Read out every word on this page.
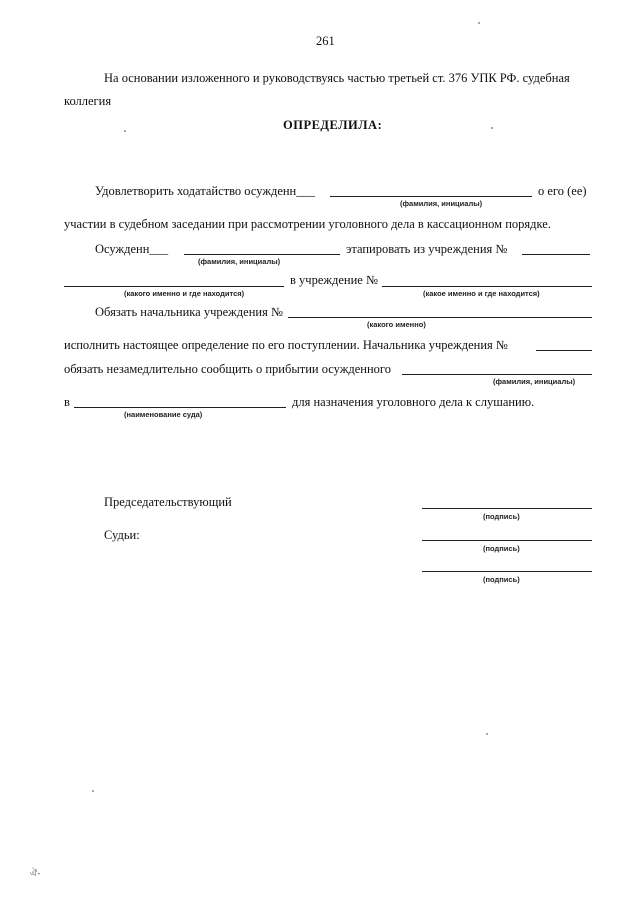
261
На основании изложенного и руководствуясь частью третьей ст. 376 УПК РФ. судебная
коллегия
ОПРЕДЕЛИЛА:
Удовлетворить ходатайство осужденн___	о его (ее)
(фамилия, инициалы)
участии в судебном заседании при рассмотрении уголовного дела в кассационном порядке.
Осужденн___	этапировать из учреждения №
(фамилия, инициалы)
в учреждение №
(какого именно и где находится)	(какое именно и где находится)
Обязать начальника учреждения №
(какого именно)
исполнить настоящее определение по его поступлении. Начальника учреждения №
обязать незамедлительно сообщить о прибытии осужденного
(фамилия, инициалы)
в	для назначения уголовного дела к слушанию.
(наименование суда)
Председательствующий
(подпись)
Судьи:
(подпись)
(подпись)
ঐ-
